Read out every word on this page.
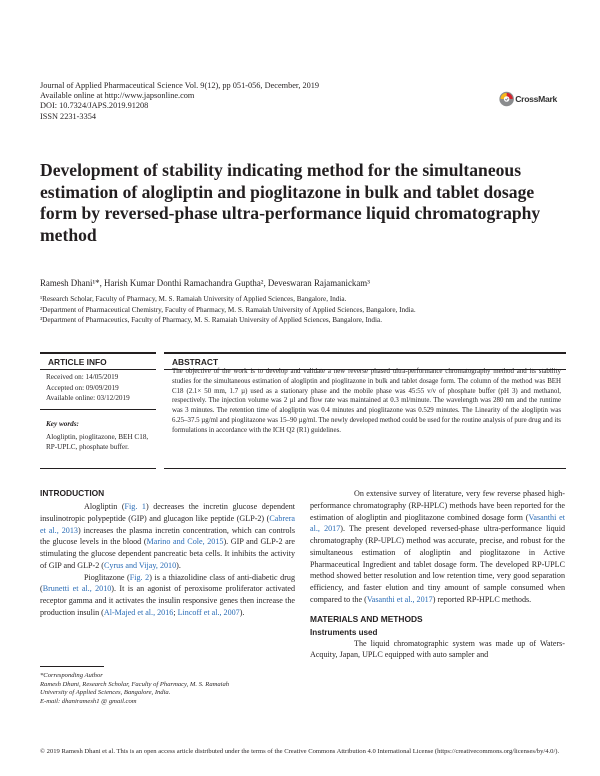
Journal of Applied Pharmaceutical Science Vol. 9(12), pp 051-056, December, 2019
Available online at http://www.japsonline.com
DOI: 10.7324/JAPS.2019.91208
ISSN 2231-3354
CrossMark
Development of stability indicating method for the simultaneous estimation of alogliptin and pioglitazone in bulk and tablet dosage form by reversed-phase ultra-performance liquid chromatography method
Ramesh Dhani¹*, Harish Kumar Donthi Ramachandra Guptha², Deveswaran Rajamanickam³
¹Research Scholar, Faculty of Pharmacy, M. S. Ramaiah University of Applied Sciences, Bangalore, India.
²Department of Pharmaceutical Chemistry, Faculty of Pharmacy, M. S. Ramaiah University of Applied Sciences, Bangalore, India.
³Department of Pharmaceutics, Faculty of Pharmacy, M. S. Ramaiah University of Applied Sciences, Bangalore, India.
ARTICLE INFO	ABSTRACT
Received on: 14/05/2019
Accepted on: 09/09/2019
Available online: 03/12/2019
Key words:
Alogliptin, pioglitazone, BEH C18, RP-UPLC, phosphate buffer.
The objective of the work is to develop and validate a new reverse phased ultra-performance chromatography method and its stability studies for the simultaneous estimation of alogliptin and pioglitazone in bulk and tablet dosage form. The column of the method was BEH C18 (2.1× 50 mm, 1.7 µ) used as a stationary phase and the mobile phase was 45:55 v/v of phosphate buffer (pH 3) and methanol, respectively. The injection volume was 2 µl and flow rate was maintained at 0.3 ml/minute. The wavelength was 280 nm and the runtime was 3 minutes. The retention time of alogliptin was 0.4 minutes and pioglitazone was 0.529 minutes. The Linearity of the alogliptin was 6.25–37.5 µg/ml and pioglitazone was 15–90 µg/ml. The newly developed method could be used for the routine analysis of pure drug and its formulations in accordance with the ICH Q2 (R1) guidelines.
INTRODUCTION

Alogliptin (Fig. 1) decreases the incretin glucose dependent insulinotropic polypeptide (GIP) and glucagon like peptide (GLP-2) (Cabrera et al., 2013) increases the plasma incretin concentration, which can controls the glucose levels in the blood (Marino and Cole, 2015). GIP and GLP-2 are stimulating the glucose dependent pancreatic beta cells. It inhibits the activity of GIP and GLP-2 (Cyrus and Vijay, 2010).

Pioglitazone (Fig. 2) is a thiazolidine class of anti-diabetic drug (Brunetti et al., 2010). It is an agonist of peroxisome proliferator activated receptor gamma and it activates the insulin responsive genes then increase the production insulin (Al-Majed et al., 2016; Lincoff et al., 2007).

On extensive survey of literature, very few reverse phased high-performance chromatography (RP-HPLC) methods have been reported for the estimation of alogliptin and pioglitazone combined dosage form (Vasanthi et al., 2017). The present developed reversed-phase ultra-performance liquid chromatography (RP-UPLC) method was accurate, precise, and robust for the simultaneous estimation of alogliptin and pioglitazone in Active Pharmaceutical Ingredient and tablet dosage form. The developed RP-UPLC method showed better resolution and low retention time, very good separation efficiency, and faster elution and tiny amount of sample consumed when compared to the (Vasanthi et al., 2017) reported RP-HPLC methods.

MATERIALS AND METHODS
Instruments used

The liquid chromatographic system was made up of Waters-Acquity, Japan, UPLC equipped with auto sampler and

*Corresponding Author
Ramesh Dhani, Research Scholar, Faculty of Pharmacy, M. S. Ramaiah
University of Applied Sciences, Bangalore, India.
E-mail: dhaniramesh1 @ gmail.com
© 2019 Ramesh Dhani et al. This is an open access article distributed under the terms of the Creative Commons Attribution 4.0 International License (https://creativecommons.org/licenses/by/4.0/).
